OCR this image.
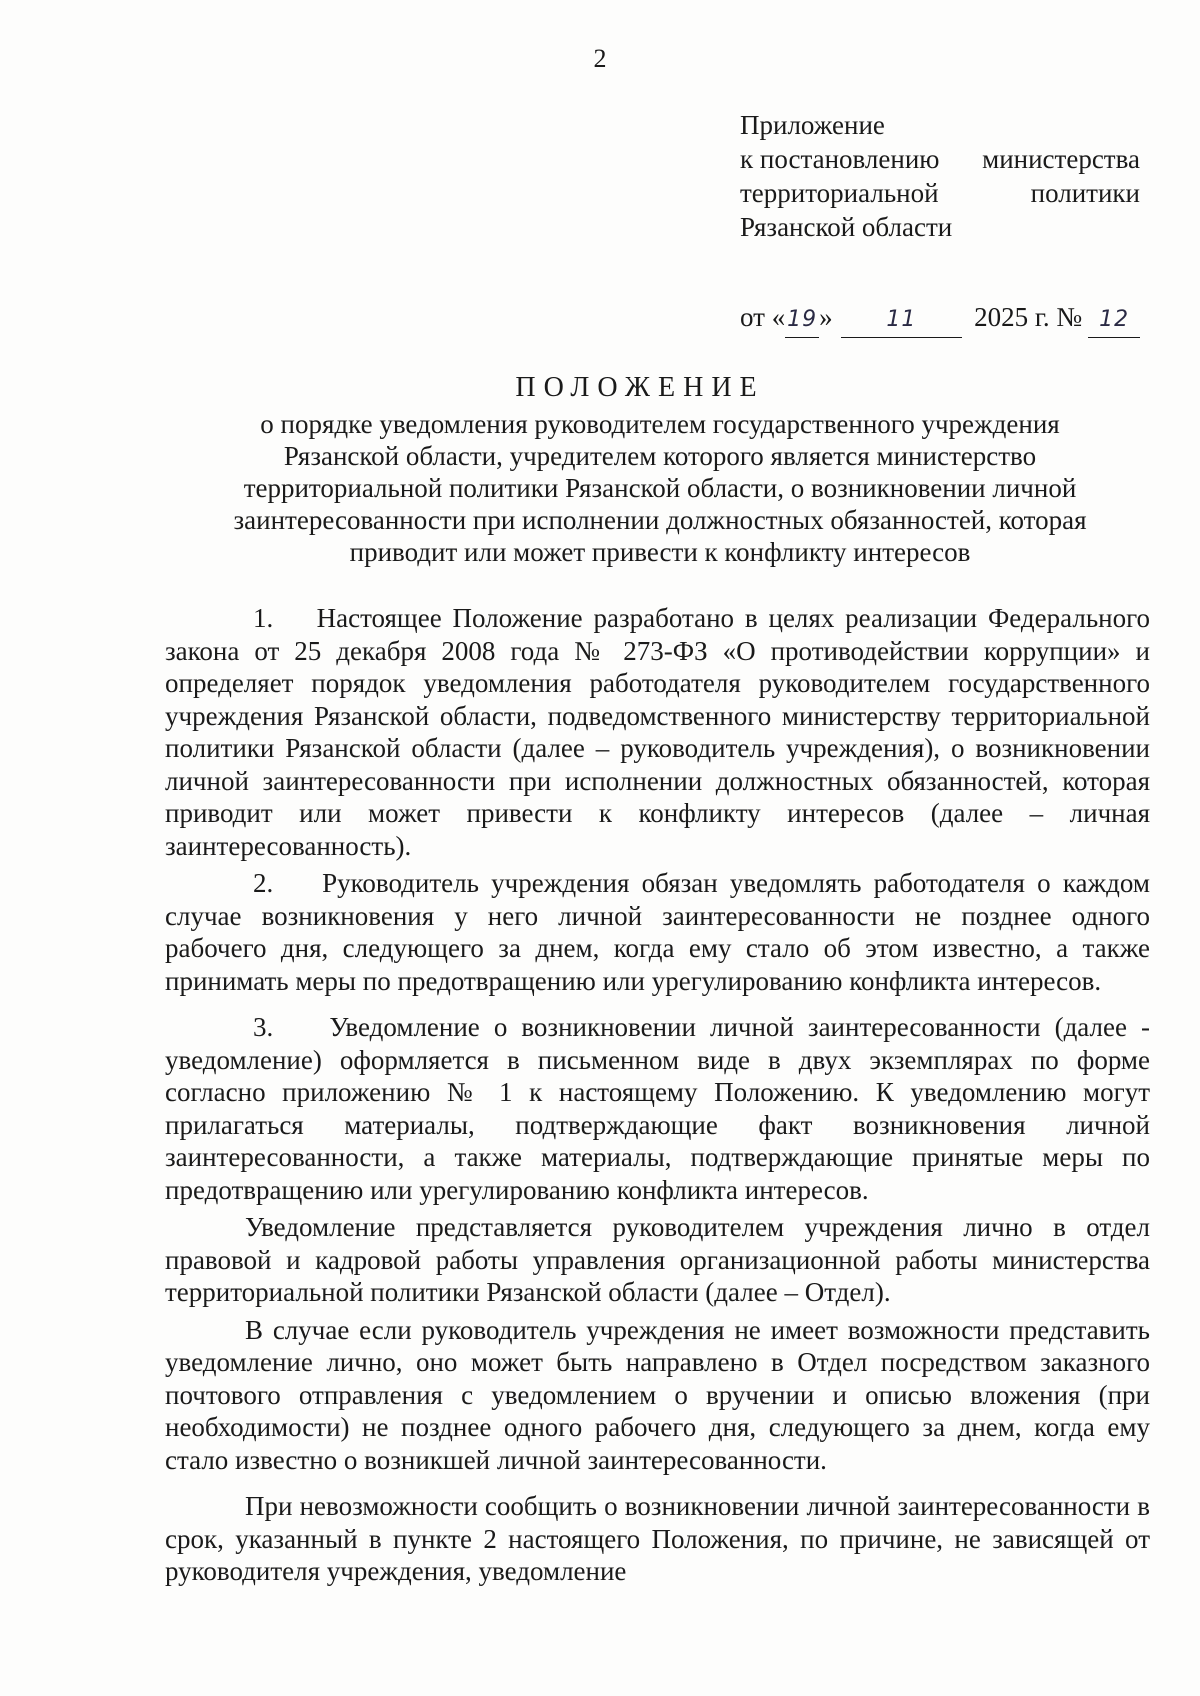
2
Приложение
к постановлению министерства
территориальной	политики
Рязанской области
от « 19 »	11	2025 г. № 12
ПОЛОЖЕНИЕ
о порядке уведомления руководителем государственного учреждения Рязанской области, учредителем которого является министерство территориальной политики Рязанской области, о возникновении личной заинтересованности при исполнении должностных обязанностей, которая приводит или может привести к конфликту интересов

1.    Настоящее Положение разработано в целях реализации Федерального закона от 25 декабря 2008 года № 273-ФЗ «О противодействии коррупции» и определяет порядок уведомления работодателя руководителем государственного учреждения Рязанской области, подведомственного министерству территориальной политики Рязанской области (далее – руководитель учреждения), о возникновении личной заинтересованности при исполнении должностных обязанностей, которая приводит или может привести к конфликту интересов (далее – личная заинтересованность).

2.    Руководитель учреждения обязан уведомлять работодателя о каждом случае возникновения у него личной заинтересованности не позднее одного рабочего дня, следующего за днем, когда ему стало об этом известно, а также принимать меры по предотвращению или урегулированию конфликта интересов.

3.    Уведомление о возникновении личной заинтересованности (далее - уведомление) оформляется в письменном виде в двух экземплярах по форме согласно приложению № 1 к настоящему Положению. К уведомлению могут прилагаться материалы, подтверждающие факт возникновения личной заинтересованности, а также материалы, подтверждающие принятые меры по предотвращению или урегулированию конфликта интересов.

Уведомление представляется руководителем учреждения лично в отдел правовой и кадровой работы управления организационной работы министерства территориальной политики Рязанской области (далее – Отдел).

В случае если руководитель учреждения не имеет возможности представить уведомление лично, оно может быть направлено в Отдел посредством заказного почтового отправления с уведомлением о вручении и описью вложения (при необходимости) не позднее одного рабочего дня, следующего за днем, когда ему стало известно о возникшей личной заинтересованности.

При невозможности сообщить о возникновении личной заинтересованности в срок, указанный в пункте 2 настоящего Положения, по причине, не зависящей от руководителя учреждения, уведомление
